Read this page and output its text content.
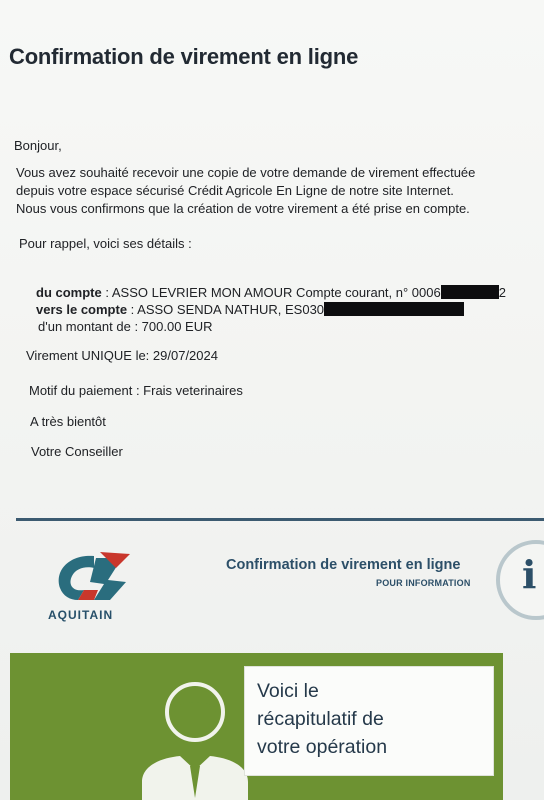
Confirmation de virement en ligne
Bonjour,
Vous avez souhaité recevoir une copie de votre demande de virement effectuée
depuis votre espace sécurisé Crédit Agricole En Ligne de notre site Internet.
Nous vous confirmons que la création de votre virement a été prise en compte.
Pour rappel, voici ses détails :
du compte : ASSO LEVRIER MON AMOUR Compte courant, n° 0006	2
vers le compte : ASSO SENDA NATHUR, ES030
d'un montant de : 700.00 EUR
Virement UNIQUE le: 29/07/2024
Motif du paiement : Frais veterinaires
A très bientôt
Votre Conseiller
AQUITAIN
Confirmation de virement en ligne
POUR INFORMATION i
Voici le
récapitulatif de
votre opération
